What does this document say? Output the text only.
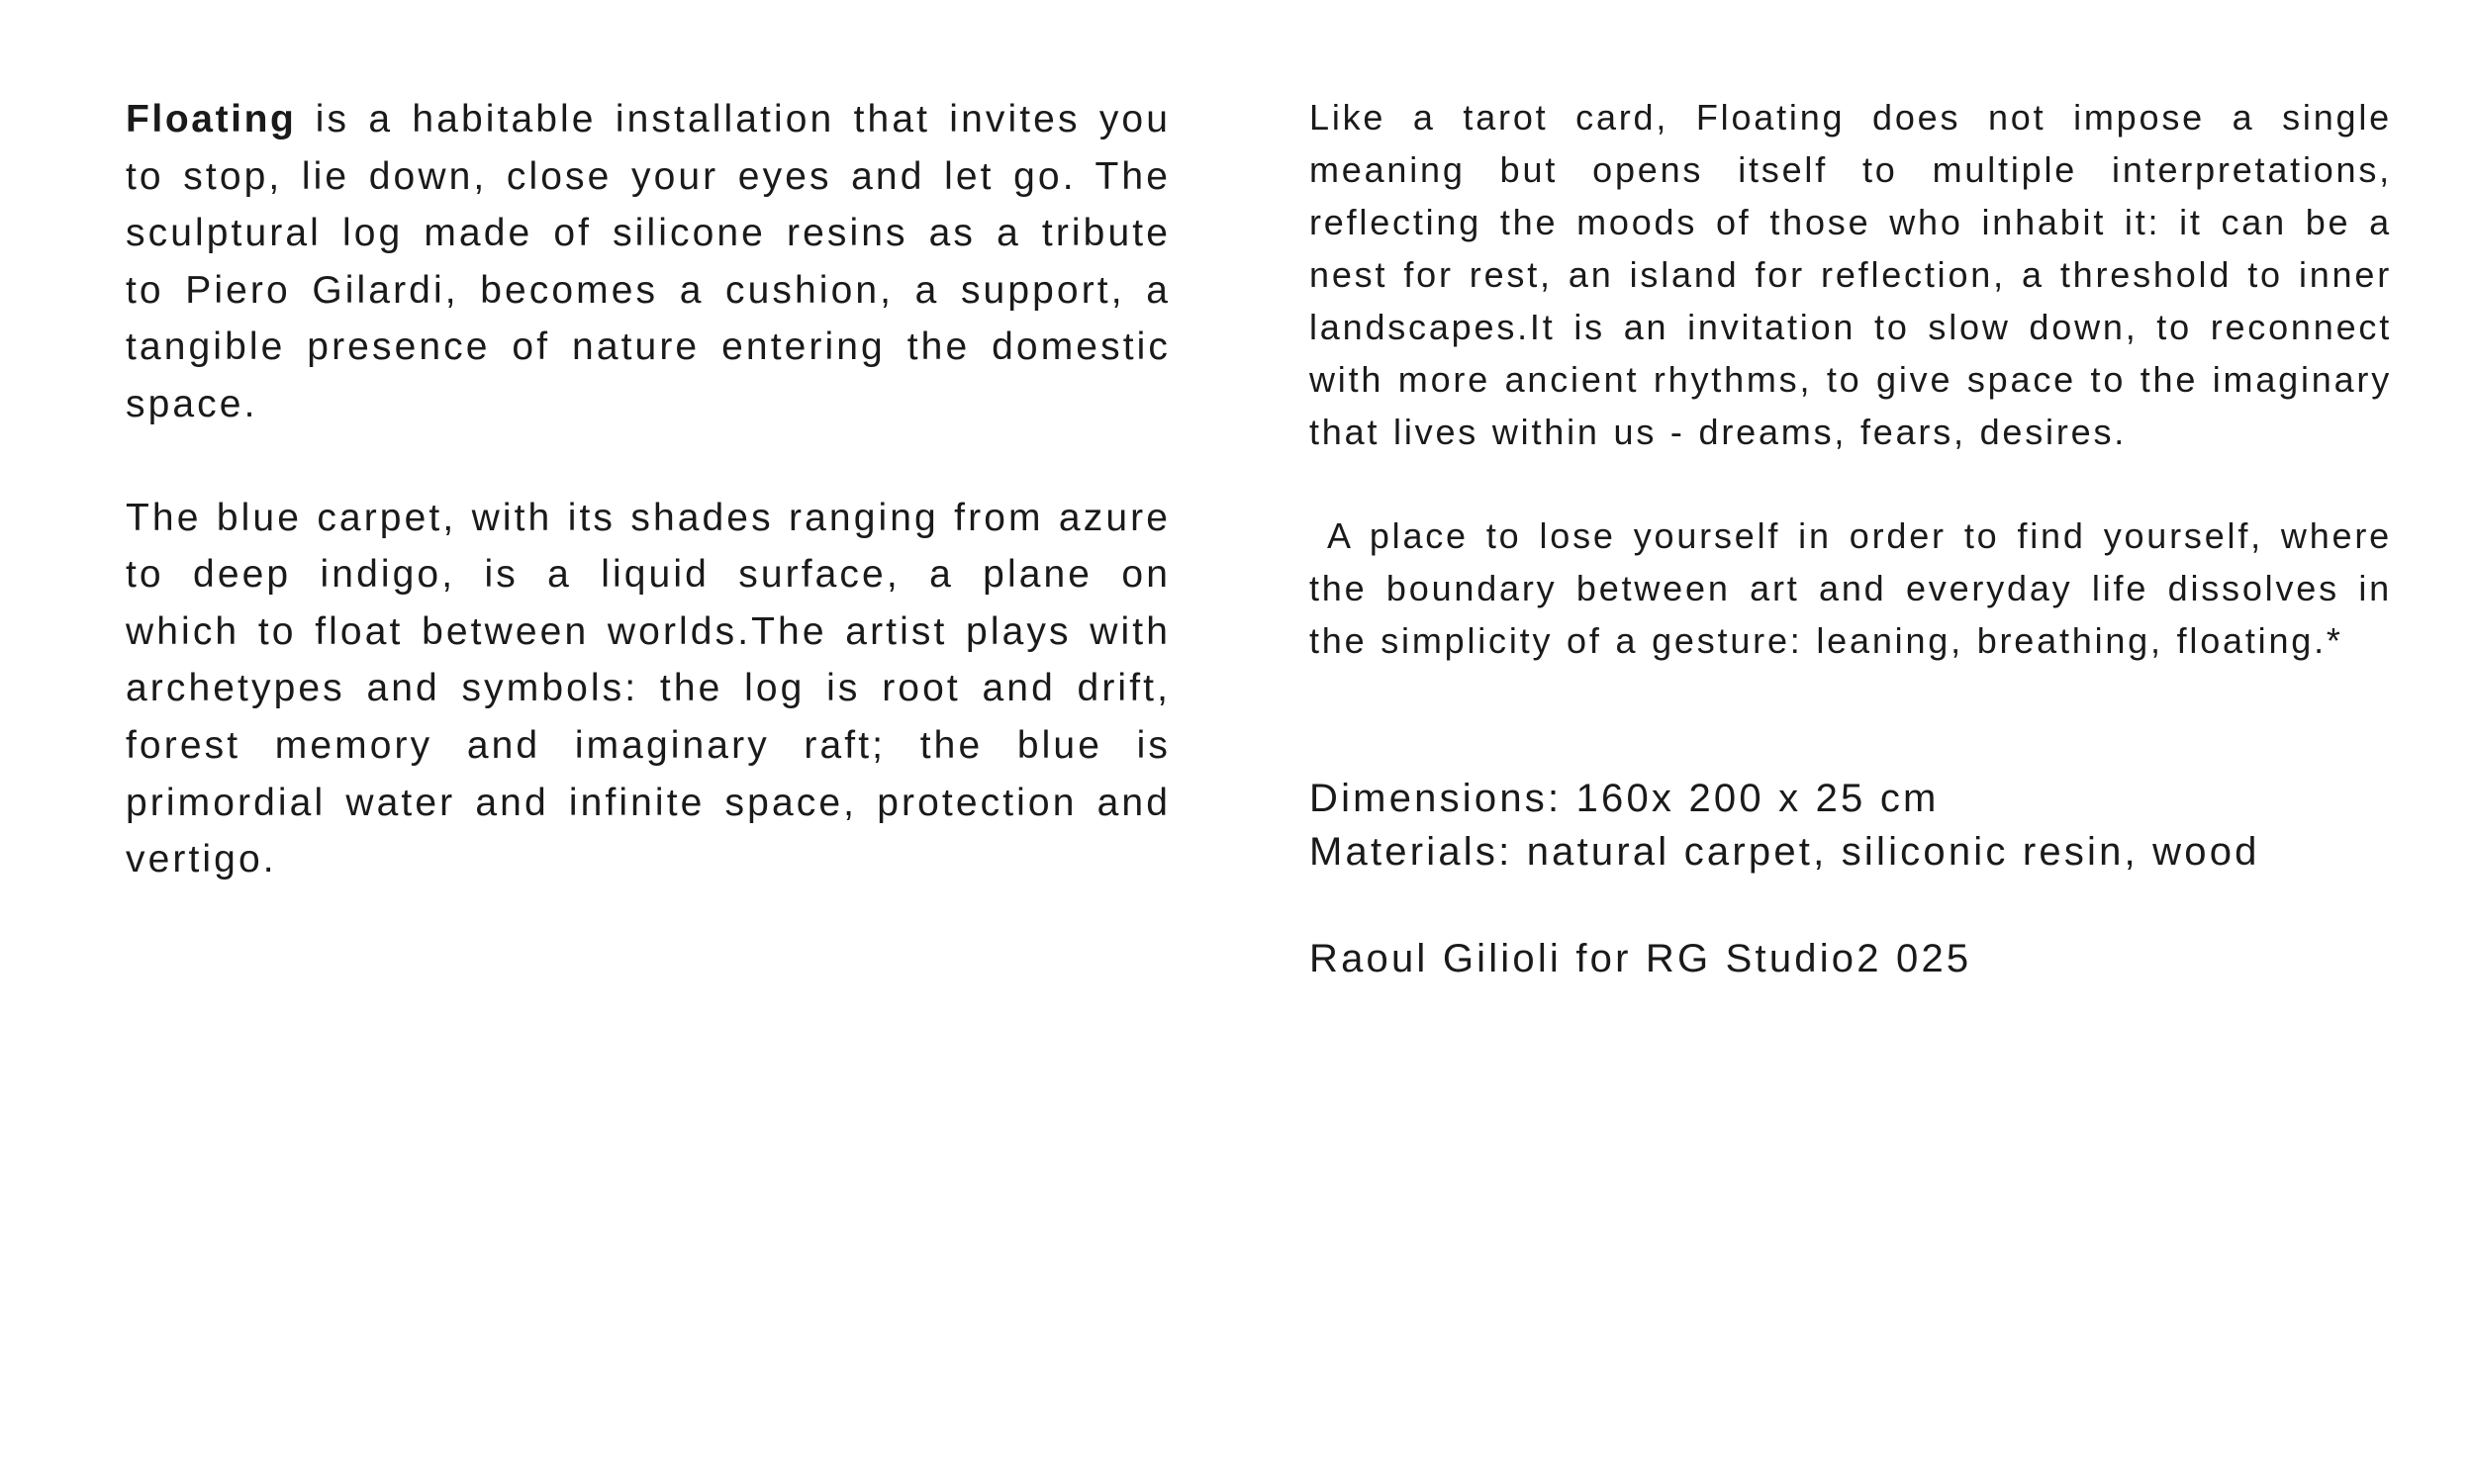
Floating is a habitable installation that invites you to stop, lie down, close your eyes and let go. The sculptural log made of silicone resins as a tribute to Piero Gilardi, becomes a cushion, a support, a tangible presence of nature entering the domestic space.

The blue carpet, with its shades ranging from azure to deep indigo, is a liquid surface, a plane on which to float between worlds.The artist plays with archetypes and symbols: the log is root and drift, forest memory and imaginary raft; the blue is primordial water and infinite space, protection and vertigo.

Like a tarot card, Floating does not impose a single meaning but opens itself to multiple interpretations, reflecting the moods of those who inhabit it: it can be a nest for rest, an island for reflection, a threshold to inner landscapes.It is an invitation to slow down, to reconnect with more ancient rhythms, to give space to the imaginary that lives within us - dreams, fears, desires.

A place to lose yourself in order to find yourself, where the boundary between art and everyday life dissolves in the simplicity of a gesture: leaning, breathing, floating.*

Dimensions: 160x 200 x 25 cm
Materials: natural carpet, siliconic resin, wood
Raoul Gilioli for RG Studio2 025
